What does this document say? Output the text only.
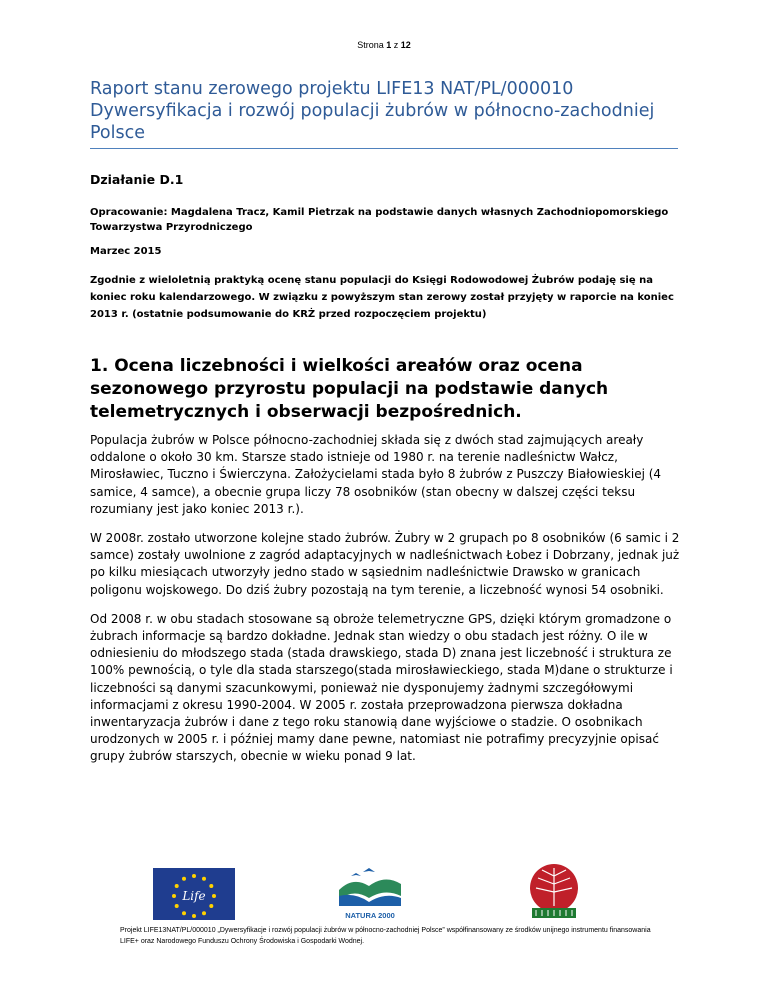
Strona 1 z 12
Raport stanu zerowego projektu LIFE13 NAT/PL/000010 Dywersyfikacja i rozwój populacji żubrów w północno-zachodniej Polsce

Działanie D.1

Opracowanie: Magdalena Tracz, Kamil Pietrzak na podstawie danych własnych Zachodniopomorskiego Towarzystwa Przyrodniczego

Marzec 2015

Zgodnie z wieloletnią praktyką ocenę stanu populacji do Księgi Rodowodowej Żubrów podaję się na koniec roku kalendarzowego. W związku z powyższym stan zerowy został przyjęty w raporcie na koniec 2013 r. (ostatnie podsumowanie do KRŻ przed rozpoczęciem projektu)

1. Ocena liczebności i wielkości areałów oraz ocena sezonowego przyrostu populacji na podstawie danych telemetrycznych i obserwacji bezpośrednich.

Populacja żubrów w Polsce północno-zachodniej składa się z dwóch stad zajmujących areały oddalone o około 30 km. Starsze stado istnieje od 1980 r. na terenie nadleśnictw Wałcz, Mirosławiec, Tuczno i Świerczyna. Założycielami stada było 8 żubrów z Puszczy Białowieskiej (4 samice, 4 samce), a obecnie grupa liczy 78 osobników (stan obecny w dalszej części teksu rozumiany jest jako koniec 2013 r.).

W 2008r. zostało utworzone kolejne stado żubrów. Żubry w 2 grupach po 8 osobników (6 samic i 2 samce) zostały uwolnione z zagród adaptacyjnych w nadleśnictwach Łobez i Dobrzany, jednak już po kilku miesiącach utworzyły jedno stado w sąsiednim nadleśnictwie Drawsko w granicach poligonu wojskowego. Do dziś żubry pozostają na tym terenie, a liczebność wynosi 54 osobniki.

Od 2008 r. w obu stadach stosowane są obroże telemetryczne GPS, dzięki którym gromadzone o żubrach informacje są bardzo dokładne. Jednak stan wiedzy o obu stadach jest różny. O ile w odniesieniu do młodszego stada (stada drawskiego, stada D) znana jest liczebność i struktura ze 100% pewnością, o tyle dla stada starszego(stada mirosławieckiego, stada M)dane o strukturze i liczebności są danymi szacunkowymi, ponieważ nie dysponujemy żadnymi szczegółowymi informacjami z okresu 1990-2004. W 2005 r. została przeprowadzona pierwsza dokładna inwentaryzacja żubrów i dane z tego roku stanowią dane wyjściowe o stadzie. O osobnikach urodzonych w 2005 r. i później mamy dane pewne, natomiast nie potrafimy precyzyjnie opisać grupy żubrów starszych, obecnie w wieku ponad 9 lat.

Life
NATURA 2000
Projekt LIFE13NAT/PL/000010 „Dywersyfikacje i rozwój populacji żubrów w północno-zachodniej Polsce” współfinansowany ze środków unijnego instrumentu finansowania LIFE+ oraz Narodowego Funduszu Ochrony Środowiska i Gospodarki Wodnej.
